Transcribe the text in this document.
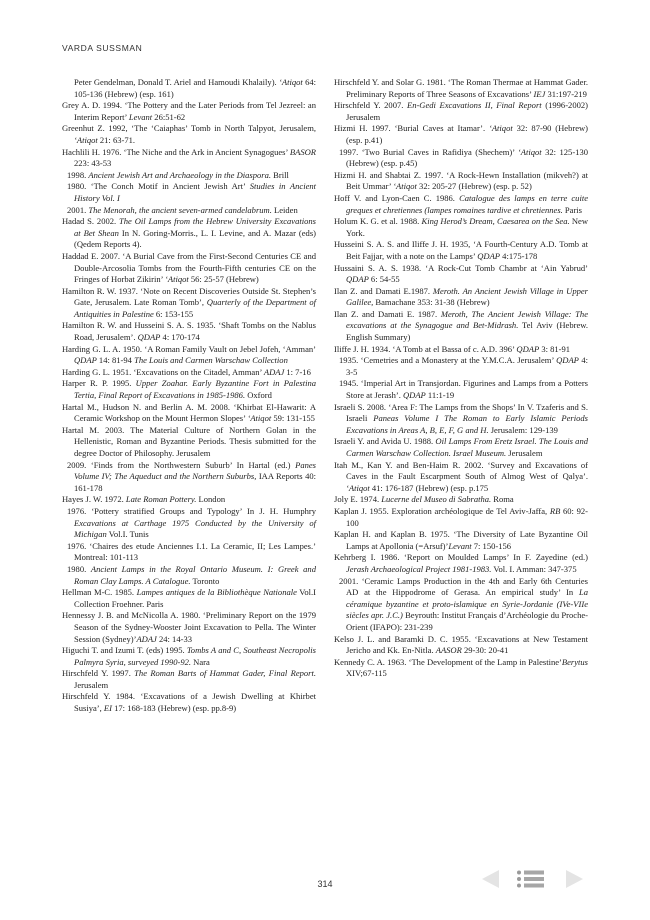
VARDA SUSSMAN

Peter Gendelman, Donald T. Ariel and Hamoudi Khalaily). ‘Atiqot 64: 105-136 (Hebrew) (esp. 161)

Grey A. D. 1994. ‘The Pottery and the Later Periods from Tel Jezreel: an Interim Report’ Levant 26:51-62

Greenhut Z. 1992, ‘The ‘Caiaphas’ Tomb in North Talpyot, Jerusalem, ‘Atiqot 21: 63-71.

Hachlili H. 1976. ‘The Niche and the Ark in Ancient Synagogues’ BASOR 223: 43-53

1998. Ancient Jewish Art and Archaeology in the Diaspora. Brill

1980. ‘The Conch Motif in Ancient Jewish Art’ Studies in Ancient History Vol. I

2001. The Menorah, the ancient seven-armed candelabrum. Leiden

Hadad S. 2002. The Oil Lamps from the Hebrew University Excavations at Bet Shean In N. Goring-Morris., L. I. Levine, and A. Mazar (eds) (Qedem Reports 4).

Haddad E. 2007. ‘A Burial Cave from the First-Second Centuries CE and Double-Arcosolia Tombs from the Fourth-Fifth centuries CE on the Fringes of Horbat Zikirin’ ‘Atiqot 56: 25-57 (Hebrew)

Hamilton R. W. 1937. ‘Note on Recent Discoveries Outside St. Stephen’s Gate, Jerusalem. Late Roman Tomb’, Quarterly of the Department of Antiquities in Palestine 6: 153-155

Hamilton R. W. and Husseini S. A. S. 1935. ‘Shaft Tombs on the Nablus Road, Jerusalem’. QDAP 4: 170-174

Harding G. L. A. 1950. ‘A Roman Family Vault on Jebel Jofeh, ‘Amman’ QDAP 14: 81-94 The Louis and Carmen Warschaw Collection

Harding G. L. 1951. ‘Excavations on the Citadel, Amman’ ADAJ 1: 7-16

Harper R. P. 1995. Upper Zoahar. Early Byzantine Fort in Palestina Tertia, Final Report of Excavations in 1985-1986. Oxford

Hartal M., Hudson N. and Berlin A. M. 2008. ‘Khirbat El-Hawarit: A Ceramic Workshop on the Mount Hermon Slopes’ ‘Atiqot 59: 131-155

Hartal M. 2003. The Material Culture of Northern Golan in the Hellenistic, Roman and Byzantine Periods. Thesis submitted for the degree Doctor of Philosophy. Jerusalem

2009. ‘Finds from the Northwestern Suburb’ In Hartal (ed.) Panes Volume IV; The Aqueduct and the Northern Suburbs, IAA Reports 40: 161-178

Hayes J. W. 1972. Late Roman Pottery. London

1976. ‘Pottery stratified Groups and Typology’ In J. H. Humphry Excavations at Carthage 1975 Conducted by the University of Michigan Vol.I. Tunis

1976. ‘Chaires des etude Anciennes I.1. La Ceramic, II; Les Lampes.’ Montreal: 101-113

1980. Ancient Lamps in the Royal Ontario Museum. I: Greek and Roman Clay Lamps. A Catalogue. Toronto

Hellman M-C. 1985. Lampes antiques de la Bibliothèque Nationale Vol.I Collection Froehner. Paris

Hennessy J. B. and McNicolla A. 1980. ‘Preliminary Report on the 1979 Season of the Sydney-Wooster Joint Excavation to Pella. The Winter Session (Sydney)’ADAJ 24: 14-33

Higuchi T. and Izumi T. (eds) 1995. Tombs A and C, Southeast Necropolis Palmyra Syria, surveyed 1990-92. Nara

Hirschfeld Y. 1997. The Roman Barts of Hammat Gader, Final Report. Jerusalem

Hirschfeld Y. 1984. ‘Excavations of a Jewish Dwelling at Khirbet Susiya’, EI 17: 168-183 (Hebrew) (esp. pp.8-9)

Hirschfeld Y. and Solar G. 1981. ‘The Roman Thermae at Hammat Gader. Preliminary Reports of Three Seasons of Excavations’ IEJ 31:197-219

Hirschfeld Y. 2007. En-Gedi Excavations II, Final Report (1996-2002) Jerusalem

Hizmi H. 1997. ‘Burial Caves at Itamar’. ‘Atiqot 32: 87-90 (Hebrew) (esp. p.41)

1997. ‘Two Burial Caves in Rafidiya (Shechem)’ ‘Atiqot 32: 125-130 (Hebrew) (esp. p.45)

Hizmi H. and Shabtai Z. 1997. ‘A Rock-Hewn Installation (mikveh?) at Beit Ummar’ ‘Atiqot 32: 205-27 (Hebrew) (esp. p. 52)

Hoff V. and Lyon-Caen C. 1986. Catalogue des lamps en terre cuite greques et chretiennes (lampes romaines tardive et chretiennes. Paris

Holum K. G. et al. 1988. King Herod’s Dream, Caesarea on the Sea. New York.

Husseini S. A. S. and Iliffe J. H. 1935, ‘A Fourth-Century A.D. Tomb at Beit Fajjar, with a note on the Lamps’ QDAP 4:175-178

Hussaini S. A. S. 1938. ‘A Rock-Cut Tomb Chambr at ‘Ain Yabrud’ QDAP 6: 54-55

Ilan Z. and Damati E.1987. Meroth. An Ancient Jewish Village in Upper Galilee, Bamachane 353: 31-38 (Hebrew)

Ilan Z. and Damati E. 1987. Meroth, The Ancient Jewish Village: The excavations at the Synagogue and Bet-Midrash. Tel Aviv (Hebrew. English Summary)

Iliffe J. H. 1934. ‘A Tomb at el Bassa of c. A.D. 396’ QDAP 3: 81-91

1935. ‘Cemetries and a Monastery at the Y.M.C.A. Jerusalem’ QDAP 4: 3-5

1945. ‘Imperial Art in Transjordan. Figurines and Lamps from a Potters Store at Jerash’. QDAP 11:1-19

Israeli S. 2008. ‘Area F: The Lamps from the Shops’ In V. Tzaferis and S. Israeli Paneas Volume I The Roman to Early Islamic Periods Excavations in Areas A, B, E, F, G and H. Jerusalem: 129-139

Israeli Y. and Avida U. 1988. Oil Lamps From Eretz Israel. The Louis and Carmen Warschaw Collection. Israel Museum. Jerusalem

Itah M., Kan Y. and Ben-Haim R. 2002. ‘Survey and Excavations of Caves in the Fault Escarpment South of Almog West of Qalya’. ‘Atiqot 41: 176-187 (Hebrew) (esp. p.175

Joly E. 1974. Lucerne del Museo di Sabratha. Roma

Kaplan J. 1955. Exploration archéologique de Tel Aviv-Jaffa, RB 60: 92-100

Kaplan H. and Kaplan B. 1975. ‘The Diversity of Late Byzantine Oil Lamps at Apollonia (=Arsuf)’Levant 7: 150-156

Kehrberg I. 1986. ‘Report on Moulded Lamps’ In F. Zayedine (ed.) Jerash Archaeological Project 1981-1983. Vol. I. Amman: 347-375

2001. ‘Ceramic Lamps Production in the 4th and Early 6th Centuries AD at the Hippodrome of Gerasa. An empirical study’ In La céramique byzantine et proto-islamique en Syrie-Jordanie (IVe-VIIe siècles apr. J.C.) Beyrouth: Institut Français d’Archéologie du Proche-Orient (IFAPO): 231-239

Kelso J. L. and Baramki D. C. 1955. ‘Excavations at New Testament Jericho and Kk. En-Nitla. AASOR 29-30: 20-41

Kennedy C. A. 1963. ‘The Development of the Lamp in Palestine’Berytus XIV;67-115

314
